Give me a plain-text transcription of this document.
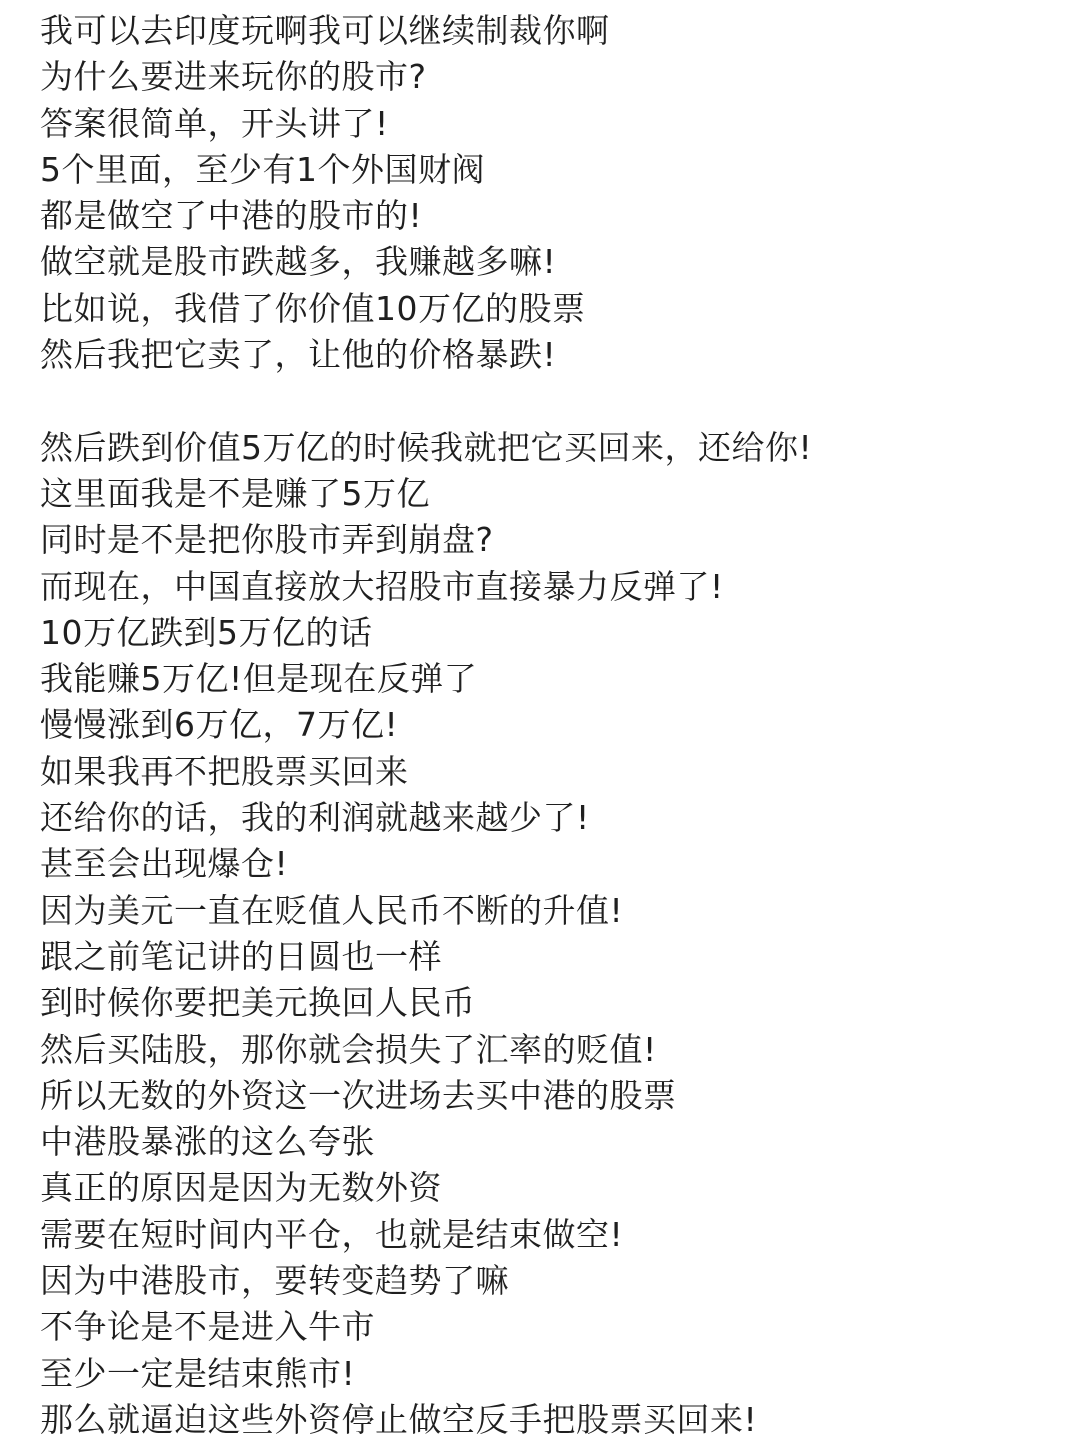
我可以去印度玩啊我可以继续制裁你啊
为什么要进来玩你的股市?
答案很简单，开头讲了!
5个里面，至少有1个外国财阀
都是做空了中港的股市的!
做空就是股市跌越多，我赚越多嘛!
比如说，我借了你价值10万亿的股票
然后我把它卖了，让他的价格暴跌!
然后跌到价值5万亿的时候我就把它买回来，还给你!
这里面我是不是赚了5万亿
同时是不是把你股市弄到崩盘?
而现在，中国直接放大招股市直接暴力反弹了!
10万亿跌到5万亿的话
我能赚5万亿!但是现在反弹了
慢慢涨到6万亿，7万亿!
如果我再不把股票买回来
还给你的话，我的利润就越来越少了!
甚至会出现爆仓!
因为美元一直在贬值人民币不断的升值!
跟之前笔记讲的日圆也一样
到时候你要把美元换回人民币
然后买陆股，那你就会损失了汇率的贬值!
所以无数的外资这一次进场去买中港的股票
中港股暴涨的这么夸张
真正的原因是因为无数外资
需要在短时间内平仓，也就是结束做空!
因为中港股市，要转变趋势了嘛
不争论是不是进入牛市
至少一定是结束熊市!
那么就逼迫这些外资停止做空反手把股票买回来!
